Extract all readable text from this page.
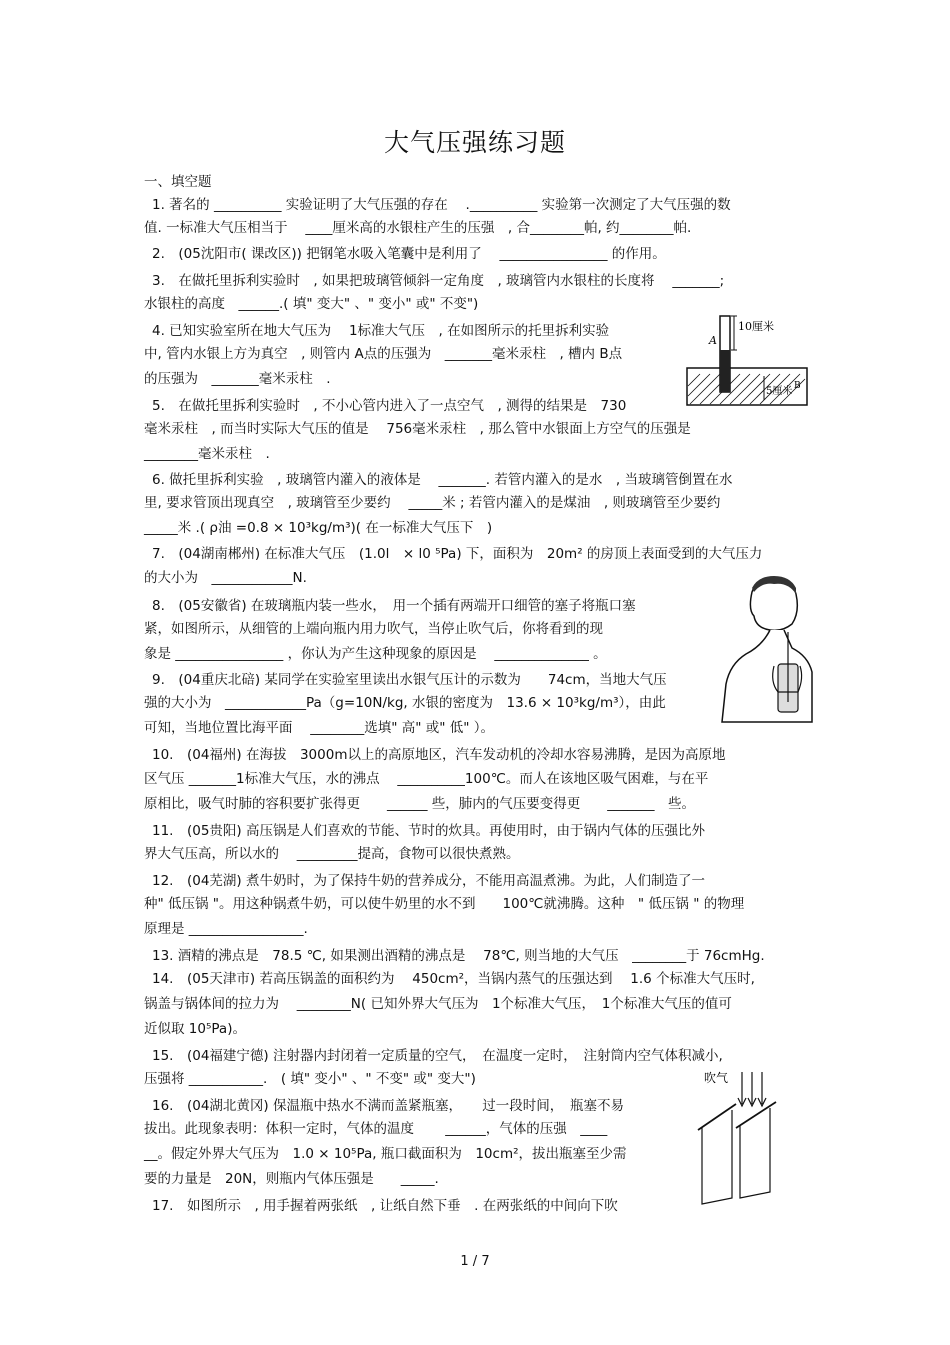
大气压强练习题
一、填空题
1. 著名的 __________ 实验证明了大气压强的存在　 .__________ 实验第一次测定了大气压强的数
值. 一标准大气压相当于　 ____厘米高的水银柱产生的压强　, 合________帕, 约________帕.
2.　(05沈阳市( 课改区)) 把钢笔水吸入笔囊中是利用了　 ________________ 的作用。
3.　在做托里拆利实验时　, 如果把玻璃管倾斜一定角度　, 玻璃管内水银柱的长度将　 _______;
水银柱的高度　______.( 填" 变大" 、" 变小" 或" 不变")
4. 已知实验室所在地大气压为　 1标准大气压　, 在如图所示的托里拆利实验
中, 管内水银上方为真空　, 则管内 A点的压强为　_______毫米汞柱　, 槽内 B点
的压强为　_______毫米汞柱　.
5.　在做托里拆利实验时　, 不小心管内进入了一点空气　, 测得的结果是　730
毫米汞柱　, 而当时实际大气压的值是　 756毫米汞柱　, 那么管中水银面上方空气的压强是
________毫米汞柱　.
6. 做托里拆利实验　, 玻璃管内灌入的液体是　 _______. 若管内灌入的是水　, 当玻璃管倒置在水
里, 要求管顶出现真空　, 玻璃管至少要约　 _____米 ; 若管内灌入的是煤油　, 则玻璃管至少要约
_____米 .( ρ油 =0.8 × 10³kg/m³)( 在一标准大气压下　)
7.　(04湖南郴州) 在标准大气压　(1.0l　× l0 ⁵Pa) 下，面积为　20m² 的房顶上表面受到的大气压力
的大小为　____________N.
8.　(05安徽省) 在玻璃瓶内装一些水，　用一个插有两端开口细管的塞子将瓶口塞
紧，如图所示，从细管的上端向瓶内用力吹气，当停止吹气后，你将看到的现
象是 ________________ ，你认为产生这种现象的原因是　 ______________ 。
9.　(04重庆北碚) 某同学在实验室里读出水银气压计的示数为　　74cm，当地大气压
强的大小为　____________Pa（g=10N/kg, 水银的密度为　13.6 × 10³kg/m³），由此
可知，当地位置比海平面　 ________选填" 高" 或" 低" ）。
10.　(04福州) 在海拔　3000m以上的高原地区，汽车发动机的冷却水容易沸腾，是因为高原地
区气压 _______1标准大气压，水的沸点　 __________100℃。而人在该地区吸气困难，与在平
原相比，吸气时肺的容积要扩张得更　　______ 些，肺内的气压要变得更　　_______　些。
11.　(05贵阳) 高压锅是人们喜欢的节能、节时的炊具。再使用时，由于锅内气体的压强比外
界大气压高，所以水的　 _________提高，食物可以很快煮熟。
12.　(04芜湖) 煮牛奶时，为了保持牛奶的营养成分，不能用高温煮沸。为此，人们制造了一
种" 低压锅 "。用这种锅煮牛奶，可以使牛奶里的水不到　　100℃就沸腾。这种　" 低压锅 " 的物理
原理是 _________________.
13. 酒精的沸点是　78.5 ℃, 如果测出酒精的沸点是　 78℃, 则当地的大气压　________于 76cmHg.
14.　(05天津市) 若高压锅盖的面积约为　 450cm²，当锅内蒸气的压强达到　 1.6 个标准大气压时,
锅盖与锅体间的拉力为　 ________N( 已知外界大气压为　1个标准大气压，　1个标准大气压的值可
近似取 10⁵Pa)。
15.　(04福建宁德) 注射器内封闭着一定质量的空气，　在温度一定时，　注射筒内空气体积减小,
压强将 ___________.　( 填" 变小" 、" 不变" 或" 变大")
16.　(04湖北黄冈) 保温瓶中热水不满而盖紧瓶塞，　　过一段时间，　瓶塞不易
拔出。此现象表明：体积一定时，气体的温度　　 ______，气体的压强　____
__。假定外界大气压为　1.0 × 10⁵Pa, 瓶口截面积为　10cm²，拔出瓶塞至少需
要的力量是　20N，则瓶内气体压强是　　_____.
17.　如图所示　, 用手握着两张纸　, 让纸自然下垂　. 在两张纸的中间向下吹
10厘米
A
B
5厘米
吹气
1 / 7
